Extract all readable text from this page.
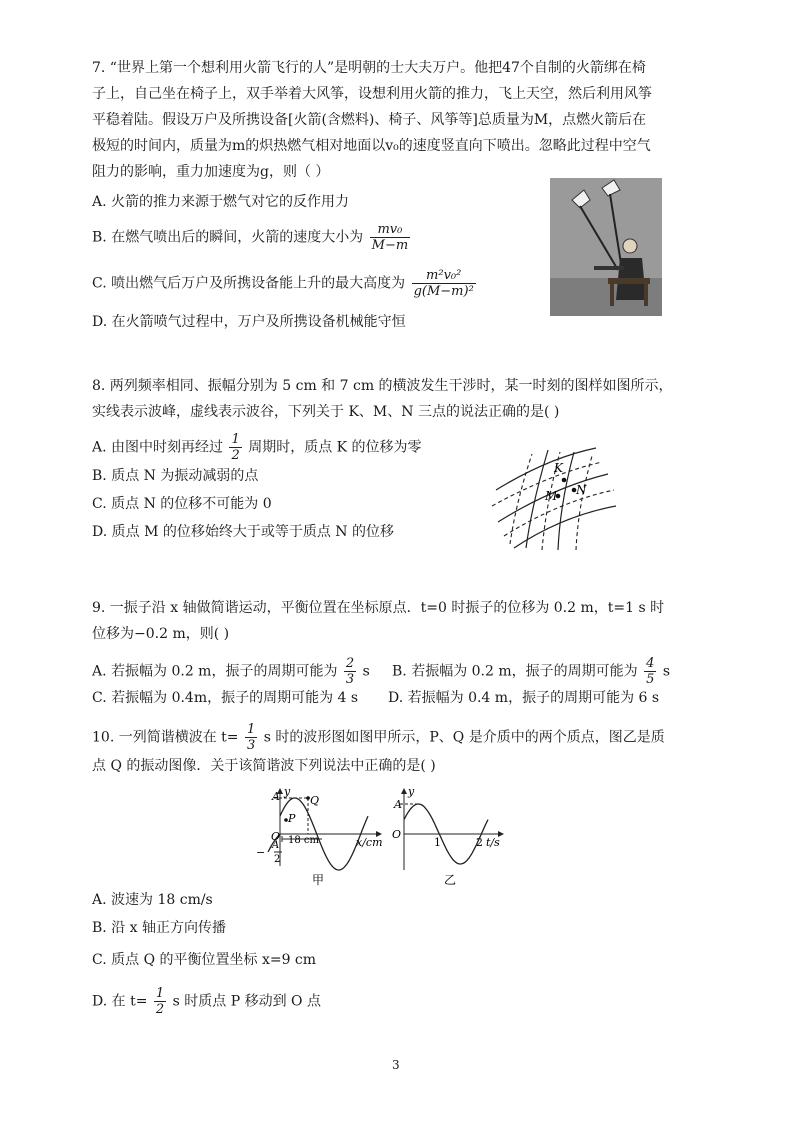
7. “世界上第一个想利用火箭飞行的人”是明朝的士大夫万户。他把47个自制的火箭绑在椅
子上，自己坐在椅子上，双手举着大风筝，设想利用火箭的推力，飞上天空，然后利用风筝
平稳着陆。假设万户及所携设备[火箭(含燃料)、椅子、风筝等]总质量为M，点燃火箭后在
极短的时间内，质量为m的炽热燃气相对地面以v₀的速度竖直向下喷出。忽略此过程中空气
阻力的影响，重力加速度为g，则（ ）
A. 火箭的推力来源于燃气对它的反作用力
B. 在燃气喷出后的瞬间，火箭的速度大小为 $\frac{\text{mv₀}}{M-m}$
C. 喷出燃气后万户及所携设备能上升的最大高度为 $\frac{\text{m²v₀²}}{\text{g(M−m)²}}$
D. 在火箭喷气过程中，万户及所携设备机械能守恒
8. 两列频率相同、振幅分别为 5 cm 和 7 cm 的横波发生干涉时，某一时刻的图样如图所示，
实线表示波峰，虚线表示波谷，下列关于 K、M、N 三点的说法正确的是( )
A. 由图中时刻再经过 $\frac{1}{2}$ 周期时，质点 K 的位移为零
B. 质点 N 为振动减弱的点
C. 质点 N 的位移不可能为 0
D. 质点 M 的位移始终大于或等于质点 N 的位移
K
M N
9. 一振子沿 x 轴做简谐运动，平衡位置在坐标原点．t=0 时振子的位移为 0.2 m，t=1 s 时
位移为−0.2 m，则( )
A. 若振幅为 0.2 m，振子的周期可能为 $\frac{2}{3}$ s B. 若振幅为 0.2 m，振子的周期可能为 $\frac{4}{5}$ s
C. 若振幅为 0.4m，振子的周期可能为 4 s D. 若振幅为 0.4 m，振子的周期可能为 6 s
10. 一列简谐横波在 $t= \frac{1}{3}$ s 时的波形图如图甲所示，P、Q 是介质中的两个质点，图乙是质
点 Q 的振动图像．关于该简谐波下列说法中正确的是( )
A y
Q
P
O
A
−
2
18 cm	x/cm
甲
A
y
O
1	2 t/s
乙
A. 波速为 18 cm/s
B. 沿 x 轴正方向传播
C. 质点 Q 的平衡位置坐标 x=9 cm
D. 在 $t= \frac{1}{2}$ s 时质点 P 移动到 O 点
3
